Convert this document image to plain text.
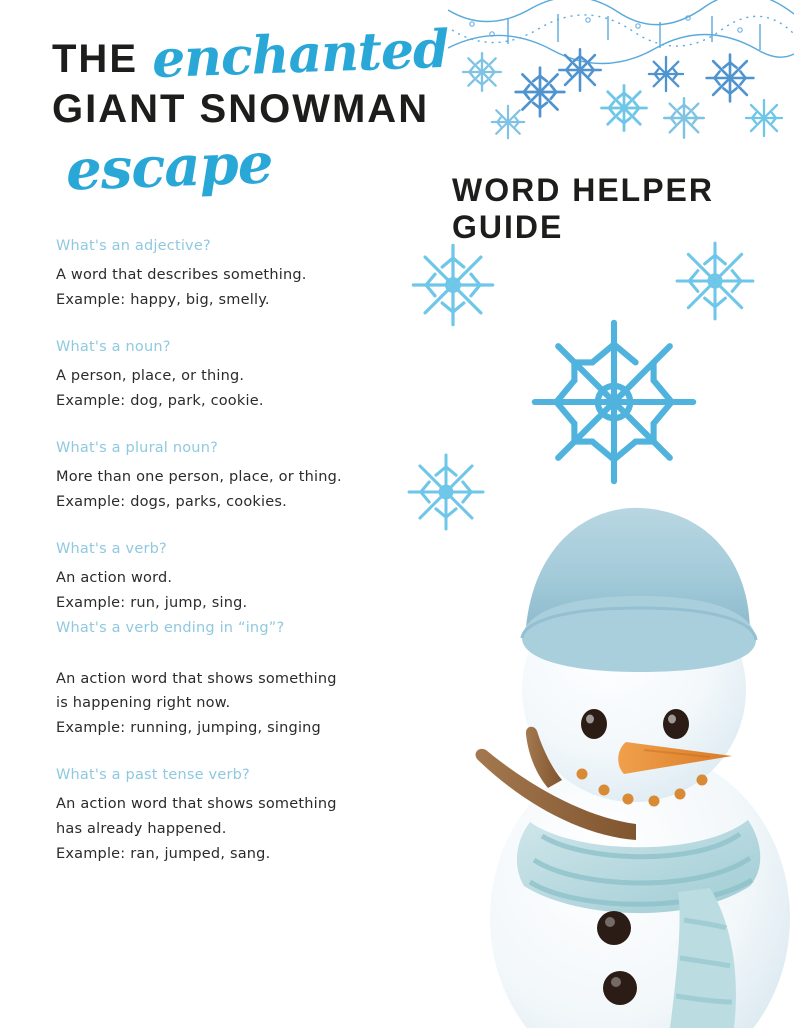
THE enchanted
GIANT SNOWMAN
escape	WORD HELPER GUIDE
What's an adjective?
A word that describes something.
Example: happy, big, smelly.
What's a noun?
A person, place, or thing.
Example: dog, park, cookie.
What's a plural noun?
More than one person, place, or thing.
Example: dogs, parks, cookies.
What's a verb?
An action word.
Example: run, jump, sing.
What's a verb ending in “ing”?
An action word that shows something
is happening right now.
Example: running, jumping, singing
What's a past tense verb?
An action word that shows something
has already happened.
Example: ran, jumped, sang.
